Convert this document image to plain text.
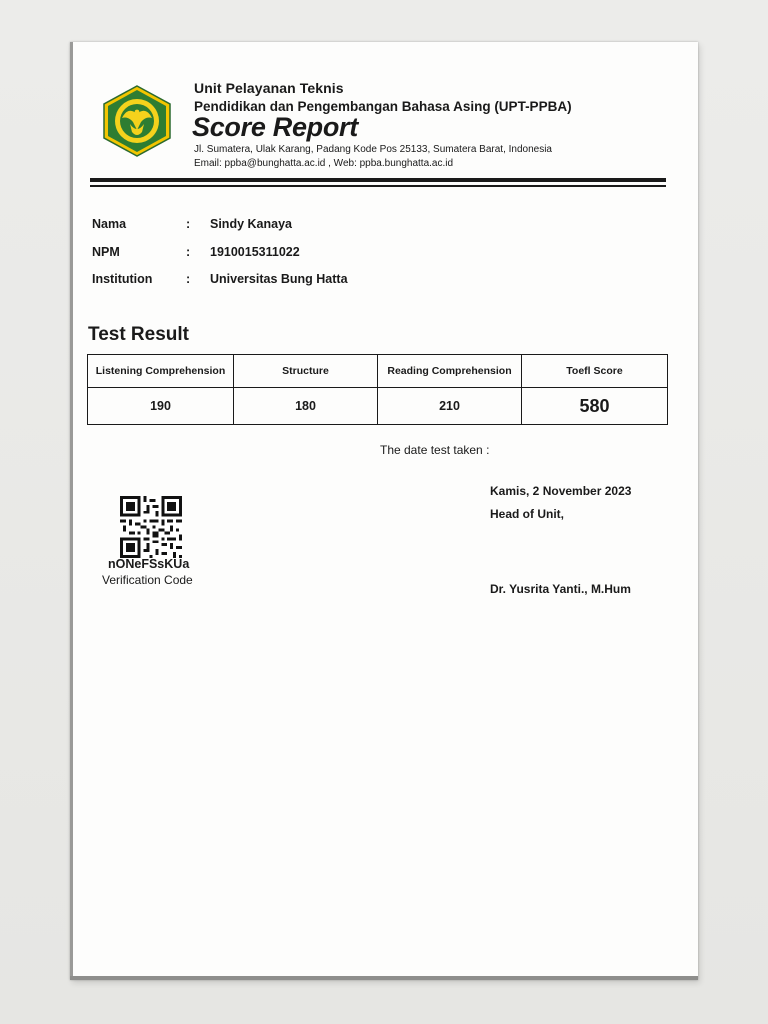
Unit Pelayanan Teknis
Pendidikan dan Pengembangan Bahasa Asing (UPT-PPBA)
Score Report
Jl. Sumatera, Ulak Karang, Padang Kode Pos 25133, Sumatera Barat, Indonesia
Email: ppba@bunghatta.ac.id , Web: ppba.bunghatta.ac.id
Nama	: Sindy Kanaya
NPM	: 1910015311022
Institution	: Universitas Bung Hatta
Test Result
Listening Comprehension	Structure	Reading Comprehension	Toefl Score
190	180	210	580
The date test taken :
nONeFSsKUa
Verification Code
Kamis, 2 November 2023
Head of Unit,
Dr. Yusrita Yanti., M.Hum
